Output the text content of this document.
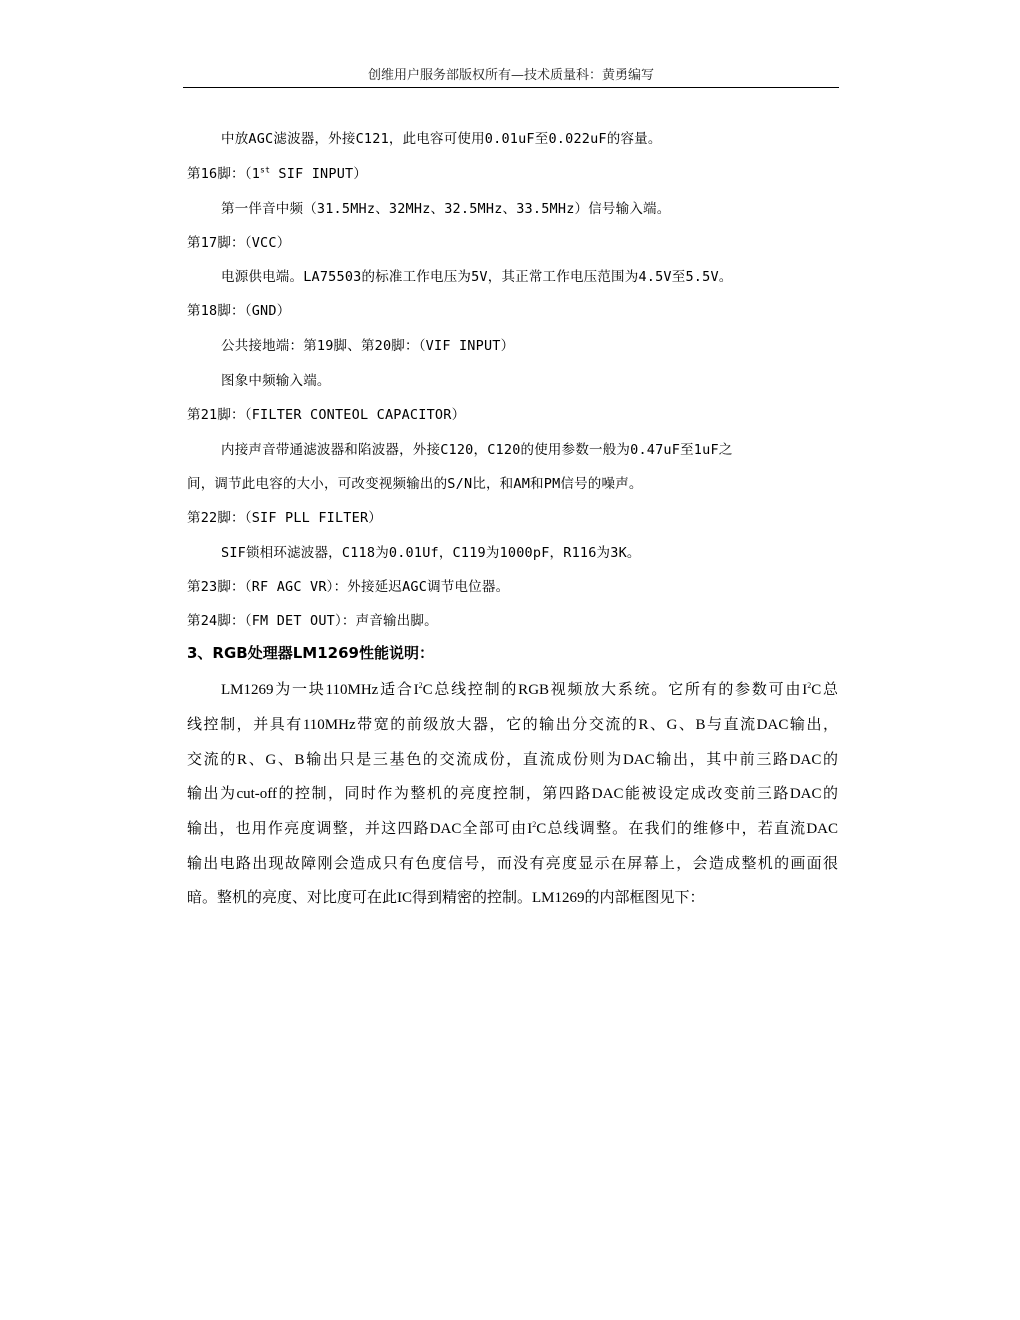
创维用户服务部版权所有—技术质量科：黄勇编写
中放AGC滤波器，外接C121，此电容可使用0.01uF至0.022uF的容量。
第16脚：（1st SIF INPUT）
第一伴音中频（31.5MHz、32MHz、32.5MHz、33.5MHz）信号输入端。
第17脚：（VCC）
电源供电端。LA75503的标准工作电压为5V，其正常工作电压范围为4.5V至5.5V。
第18脚：（GND）
公共接地端：第19脚、第20脚：（VIF INPUT）
图象中频输入端。
第21脚：（FILTER CONTEOL CAPACITOR）
内接声音带通滤波器和陷波器，外接C120，C120的使用参数一般为0.47uF至1uF之
间，调节此电容的大小，可改变视频输出的S/N比，和AM和PM信号的噪声。
第22脚：（SIF PLL FILTER）
SIF锁相环滤波器，C118为0.01Uf，C119为1000pF，R116为3K。
第23脚：（RF AGC VR）：外接延迟AGC调节电位器。
第24脚：（FM DET OUT）：声音输出脚。
3、RGB处理器LM1269性能说明：
LM1269为一块110MHz适合$I^2C$总线控制的RGB视频放大系统。它所有的参数可由$I^2C$总
线控制，并具有110MHz带宽的前级放大器，它的输出分交流的R、G、B与直流DAC输出，
交流的R、G、B输出只是三基色的交流成份，直流成份则为DAC输出，其中前三路DAC的
输出为cut-off的控制，同时作为整机的亮度控制，第四路DAC能被设定成改变前三路DAC的
输出，也用作亮度调整，并这四路DAC全部可由$I^2C$总线调整。在我们的维修中，若直流DAC
输出电路出现故障刚会造成只有色度信号，而没有亮度显示在屏幕上，会造成整机的画面很
暗。整机的亮度、对比度可在此IC得到精密的控制。LM1269的内部框图见下：
